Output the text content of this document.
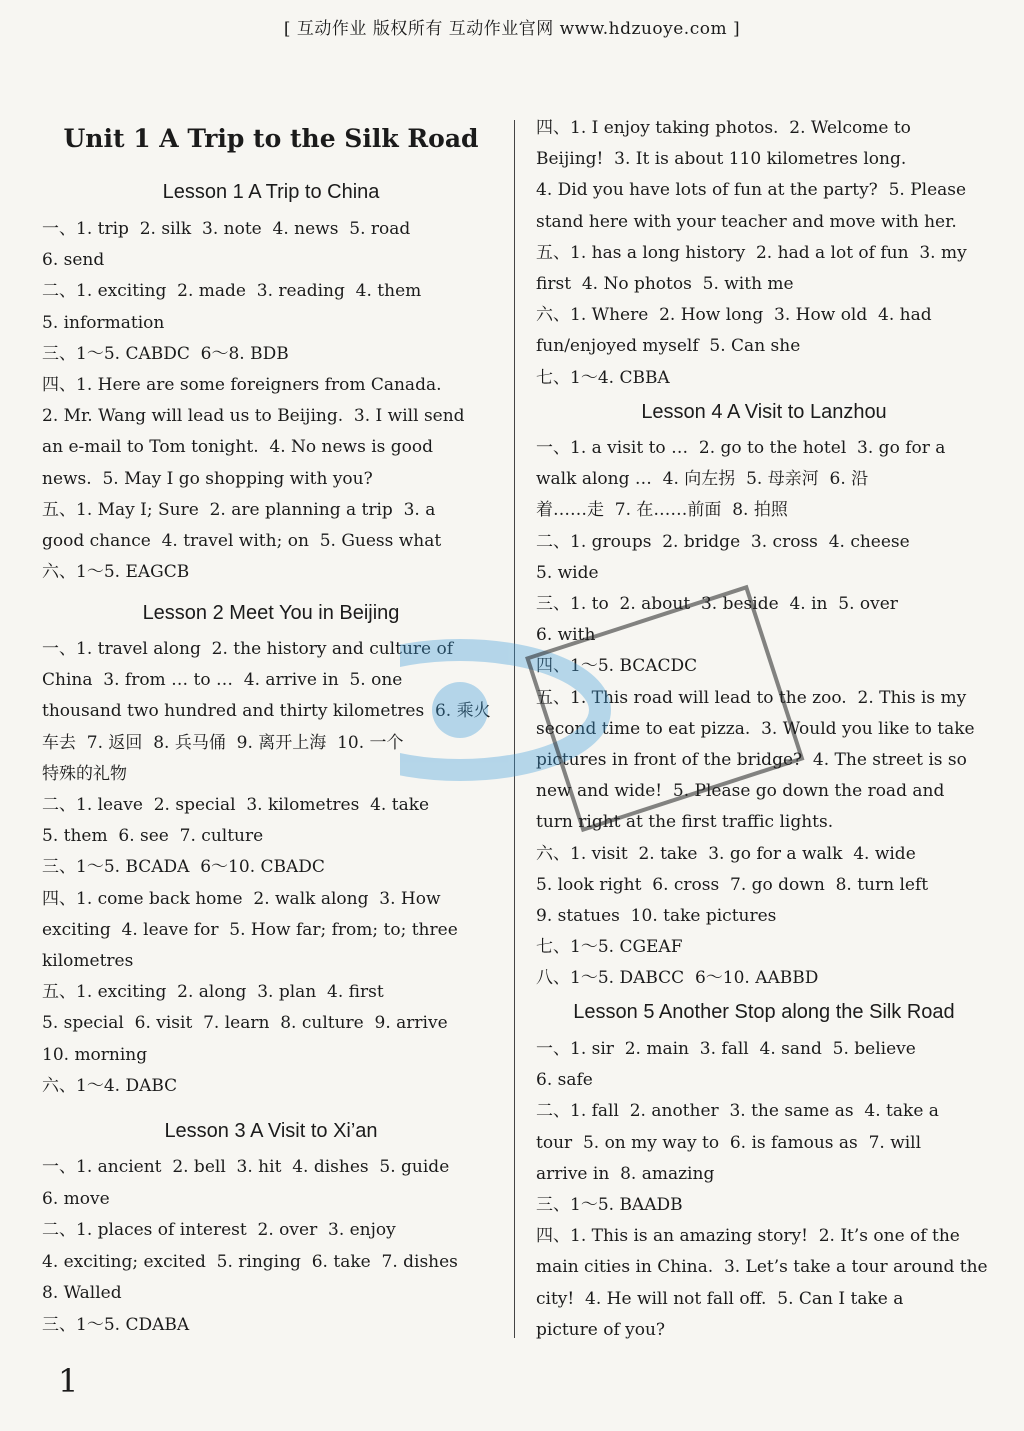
[ 互动作业 版权所有 互动作业官网 www.hdzuoye.com ]
Unit 1 A Trip to the Silk Road
Lesson 1 A Trip to China
Lesson 2 Meet You in Beijing
Lesson 3 A Visit to Xi’an
一、1. trip  2. silk  3. note  4. news  5. road
6. send
二、1. exciting  2. made  3. reading  4. them
5. information
三、1～5. CABDC  6～8. BDB
四、1. Here are some foreigners from Canada.
2. Mr. Wang will lead us to Beijing.  3. I will send
an e-mail to Tom tonight.  4. No news is good
news.  5. May I go shopping with you?
五、1. May I; Sure  2. are planning a trip  3. a
good chance  4. travel with; on  5. Guess what
六、1～5. EAGCB
一、1. travel along  2. the history and culture of
China  3. from … to …  4. arrive in  5. one
thousand two hundred and thirty kilometres  6. 乘火
车去  7. 返回  8. 兵马俑  9. 离开上海  10. 一个
特殊的礼物
二、1. leave  2. special  3. kilometres  4. take
5. them  6. see  7. culture
三、1～5. BCADA  6～10. CBADC
四、1. come back home  2. walk along  3. How
exciting  4. leave for  5. How far; from; to; three
kilometres
五、1. exciting  2. along  3. plan  4. first
5. special  6. visit  7. learn  8. culture  9. arrive
10. morning
六、1～4. DABC
一、1. ancient  2. bell  3. hit  4. dishes  5. guide
6. move
二、1. places of interest  2. over  3. enjoy
4. exciting; excited  5. ringing  6. take  7. dishes
8. Walled
三、1～5. CDABA
Lesson 4 A Visit to Lanzhou
Lesson 5 Another Stop along the Silk Road
四、1. I enjoy taking photos.  2. Welcome to
Beijing!  3. It is about 110 kilometres long.
4. Did you have lots of fun at the party?  5. Please
stand here with your teacher and move with her.
五、1. has a long history  2. had a lot of fun  3. my
first  4. No photos  5. with me
六、1. Where  2. How long  3. How old  4. had
fun/enjoyed myself  5. Can she
七、1～4. CBBA
一、1. a visit to …  2. go to the hotel  3. go for a
walk along …  4. 向左拐  5. 母亲河  6. 沿
着……走  7. 在……前面  8. 拍照
二、1. groups  2. bridge  3. cross  4. cheese
5. wide
三、1. to  2. about  3. beside  4. in  5. over
6. with
四、1～5. BCACDC
五、1. This road will lead to the zoo.  2. This is my
second time to eat pizza.  3. Would you like to take
pictures in front of the bridge?  4. The street is so
new and wide!  5. Please go down the road and
turn right at the first traffic lights.
六、1. visit  2. take  3. go for a walk  4. wide
5. look right  6. cross  7. go down  8. turn left
9. statues  10. take pictures
七、1～5. CGEAF
八、1～5. DABCC  6～10. AABBD
一、1. sir  2. main  3. fall  4. sand  5. believe
6. safe
二、1. fall  2. another  3. the same as  4. take a
tour  5. on my way to  6. is famous as  7. will
arrive in  8. amazing
三、1～5. BAADB
四、1. This is an amazing story!  2. It’s one of the
main cities in China.  3. Let’s take a tour around the
city!  4. He will not fall off.  5. Can I take a
picture of you?
1
